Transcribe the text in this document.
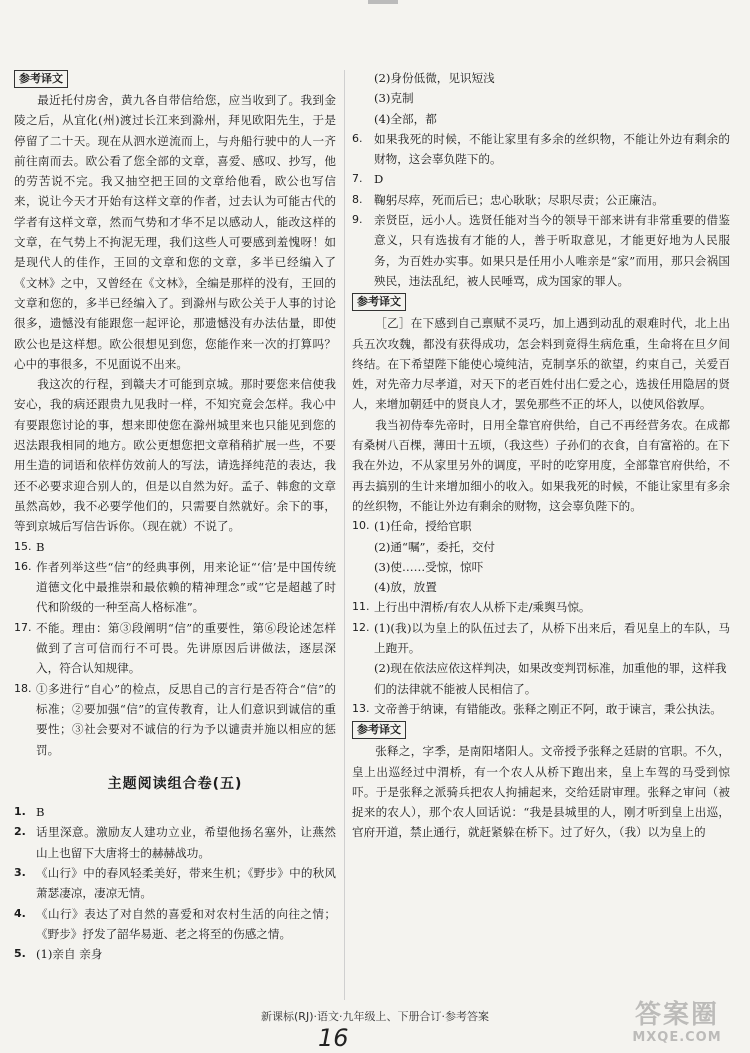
参考译文

最近托付房舍，黄九各自带信给您，应当收到了。我到金陵之后，从宜化(州)渡过长江来到滁州，拜见欧阳先生，于是停留了二十天。现在从泗水逆流而上，与舟船行驶中的人一齐前往南而去。欧公看了您全部的文章，喜爱、感叹、抄写，他的劳苦说不完。我又抽空把王回的文章给他看，欧公也写信来，说让今天才开始有这样文章的作者，过去认为可能古代的学者有这样文章，然而气势和才华不足以感动人，能改这样的文章，在气势上不拘泥无理，我们这些人可要感到羞愧呀！如是现代人的佳作，王回的文章和您的文章，多半已经编入了《文林》之中，又曾经在《文林》，全编是那样的没有，王回的文章和您的，多半已经编入了。到滁州与欧公关于人事的讨论很多，遗憾没有能跟您一起评论，那遗憾没有办法估量，即使欧公也是这样想。欧公很想见到您，您能作来一次的打算吗？心中的事很多，不见面说不出来。

我这次的行程，到赣夫才可能到京城。那时要您来信使我安心，我的病还跟贵九见我时一样，不知究竟会怎样。我心中有要跟您讨论的事，想来即使您在滁州城里来也只能见到您的迟法跟我相同的地方。欧公更想您把文章稍稍扩展一些，不要用生造的词语和依样仿效前人的写法，请选择纯范的表达，我还不必要求迎合别人的，但是以自然为好。孟子、韩愈的文章虽然高妙，我不必要学他们的，只需要自然就好。余下的事，等到京城后写信告诉你。（现在就）不说了。

15. B
16. 作者列举这些“信”的经典事例，用来论证“‘信’是中国传统道德文化中最推崇和最依赖的精神理念”或“它是超越了时代和阶级的一种至高人格标准”。
17. 不能。理由：第③段阐明“信”的重要性，第⑥段论述怎样做到了言可信而行不可畏。先讲原因后讲做法，逐层深入，符合认知规律。
18. ①多进行“自心”的检点，反思自己的言行是否符合“信”的标准；②要加强“信”的宣传教育，让人们意识到诚信的重要性；③社会要对不诚信的行为予以谴责并施以相应的惩罚。
主题阅读组合卷(五)
1. B
2. 话里深意。激励友人建功立业，希望他扬名塞外，让燕然山上也留下大唐将士的赫赫战功。
3. 《山行》中的春风轻柔美好，带来生机；《野步》中的秋风萧瑟凄凉，凄凉无情。
4. 《山行》表达了对自然的喜爱和对农村生活的向往之情；《野步》抒发了韶华易逝、老之将至的伤感之情。
5. (1)亲自 亲身

(2)身份低微，见识短浅

(3)克制

(4)全部，都

6. 如果我死的时候，不能让家里有多余的丝织物，不能让外边有剩余的财物，这会辜负陛下的。
7. D
8. 鞠躬尽瘁，死而后已；忠心耿耿；尽职尽责；公正廉洁。
9. 亲贤臣，远小人。选贤任能对当今的领导干部来讲有非常重要的借鉴意义，只有选拔有才能的人，善于听取意见，才能更好地为人民服务，为百姓办实事。如果只是任用小人唯亲是“家”而用，那只会祸国殃民，违法乱纪，被人民唾骂，成为国家的罪人。
参考译文

［乙］在下感到自己禀赋不灵巧，加上遇到动乱的艰难时代，北上出兵五次攻魏，都没有获得成功，怎会料到竟得生病危重，生命将在旦夕间终结。在下希望陛下能使心境纯洁，克制享乐的欲望，约束自己，关爱百姓，对先帝力尽孝道，对天下的老百姓付出仁爱之心，选拔任用隐居的贤人，来增加朝廷中的贤良人才，罢免那些不正的坏人，以使风俗敦厚。

我当初侍奉先帝时，日用全靠官府供给，自己不再经营务农。在成都有桑树八百棵，薄田十五顷，（我这些）子孙们的衣食，自有富裕的。在下我在外边，不从家里另外的调度，平时的吃穿用度，全部靠官府供给，不再去搞别的生计来增加细小的收入。如果我死的时候，不能让家里有多余的丝织物，不能让外边有剩余的财物，这会辜负陛下的。

10. (1)任命，授给官职

(2)通“嘱”，委托，交付

(3)使……受惊，惊吓

(4)放，放置

11. 上行出中渭桥/有农人从桥下走/乘舆马惊。
12. (1)(我)以为皇上的队伍过去了，从桥下出来后，看见皇上的车队，马上跑开。

(2)现在依法应依这样判决，如果改变判罚标准，加重他的罪，这样我们的法律就不能被人民相信了。

13. 文帝善于纳谏，有错能改。张释之刚正不阿，敢于谏言，秉公执法。
参考译文

张释之，字季，是南阳堵阳人。文帝授予张释之廷尉的官职。不久，皇上出巡经过中渭桥，有一个农人从桥下跑出来，皇上车驾的马受到惊吓。于是张释之派骑兵把农人拘捕起来，交给廷尉审理。张释之审问（被捉来的农人），那个农人回话说：“我是县城里的人，刚才听到皇上出巡，官府开道，禁止通行，就赶紧躲在桥下。过了好久，（我）以为皇上的

新课标(RJ)·语文·九年级上、下册合订·参考答案
16
答案圈
MXQE.COM
